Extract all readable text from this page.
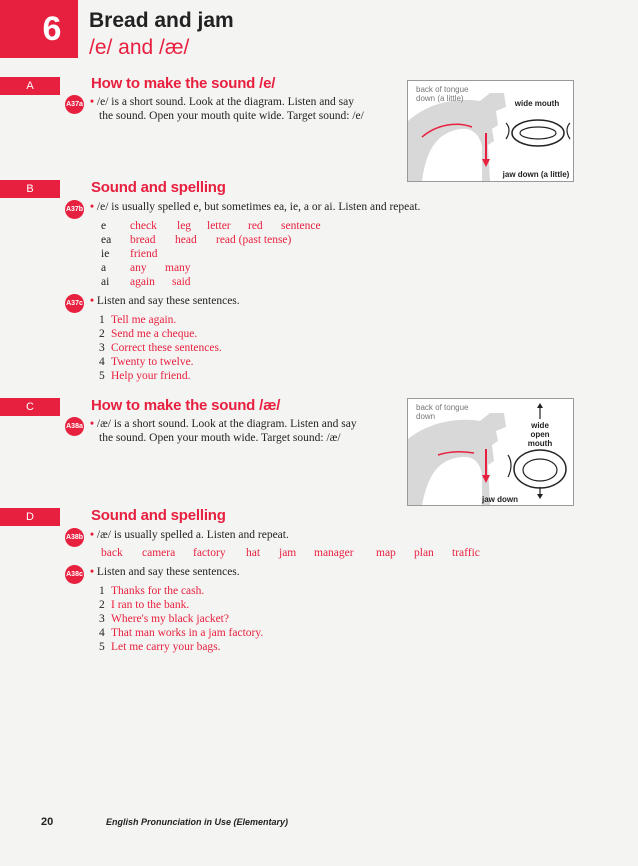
6 Bread and jam
/e/ and /æ/
A	How to make the sound /e/
A37a	• /e/ is a short sound. Look at the diagram. Listen and say
the sound. Open your mouth quite wide. Target sound: /e/
back of tongue down (a little)
wide mouth
jaw down (a little)
B	Sound and spelling
A37b	• /e/ is usually spelled e, but sometimes ea, ie, a or ai. Listen and repeat.
e check leg letter red sentence
ea bread head read (past tense)
ie friend
a any many
ai again said
A37c	• Listen and say these sentences.
1 Tell me again.
2 Send me a cheque.
3 Correct these sentences.
4 Twenty to twelve.
5 Help your friend.
C	How to make the sound /æ/
A38a	• /æ/ is a short sound. Look at the diagram. Listen and say
the sound. Open your mouth wide. Target sound: /æ/
back of tongue down
wide open mouth
jaw down
D	Sound and spelling
A38b	• /æ/ is usually spelled a. Listen and repeat.
back camera factory hat jam manager map plan traffic
A38c	• Listen and say these sentences.
1 Thanks for the cash.
2 I ran to the bank.
3 Where's my black jacket?
4 That man works in a jam factory.
5 Let me carry your bags.
20	English Pronunciation in Use (Elementary)
